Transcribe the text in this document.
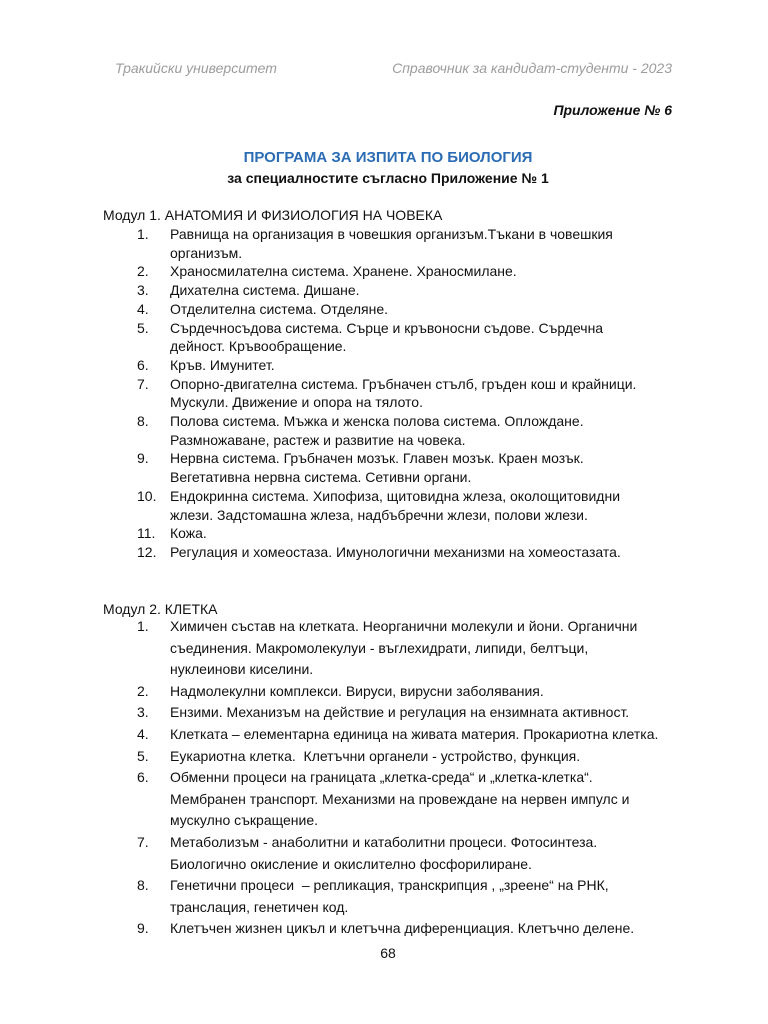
Тракийски университет	Справочник за кандидат-студенти - 2023
Приложение № 6
ПРОГРАМА ЗА ИЗПИТА ПО БИОЛОГИЯ
за специалностите съгласно Приложение № 1
Модул 1. АНАТОМИЯ И ФИЗИОЛОГИЯ НА ЧОВЕКА
1.	Равнища на организация в човешкия организъм.Тъкани в човешкия
организъм.
2.	Храносмилателна система. Хранене. Храносмилане.
3.	Дихателна система. Дишане.
4.	Отделителна система. Отделяне.
5.	Сърдечносъдова система. Сърце и кръвоносни съдове. Сърдечна
дейност. Кръвообращение.
6.	Кръв. Имунитет.
7.	Опорно-двигателна система. Гръбначен стълб, гръден кош и крайници.
Мускули. Движение и опора на тялото.
8.	Полова система. Мъжка и женска полова система. Оплождане.
Размножаване, растеж и развитие на човека.
9.	Нервна система. Гръбначен мозък. Главен мозък. Краен мозък.
Вегетативна нервна система. Сетивни органи.
10. Ендокринна система. Хипофиза, щитовидна жлеза, околощитовидни
жлези. Задстомашна жлеза, надбъбречни жлези, полови жлези.
11.	Кожа.
12. Регулация и хомеостаза. Имунологични механизми на хомеостазата.
Модул 2. КЛЕТКА
1.	Химичен състав на клетката. Неорганични молекули и йони. Органични
съединения. Макромолекулуи - въглехидрати, липиди, белтъци,
нуклеинови киселини.
2.	Надмолекулни комплекси. Вируси, вирусни заболявания.
3.	Ензими. Механизъм на действие и регулация на ензимната активност.
4.	Клетката – елементарна единица на живата материя. Прокариотна клетка.
5.	Еукариотна клетка.  Клетъчни органели - устройство, функция.
6.	Обменни процеси на границата „клетка-среда“ и „клетка-клетка“.
Мембранен транспорт. Механизми на провеждане на нервен импулс и
мускулно съкращение.
7.	Метаболизъм - анаболитни и катаболитни процеси. Фотосинтеза.
Биологично окисление и окислително фосфорилиране.
8.	Генетични процеси  – репликация, транскрипция , „зреене“ на РНК,
транслация, генетичен код.
9.	Клетъчен жизнен цикъл и клетъчна диференциация. Клетъчно делене.
68
